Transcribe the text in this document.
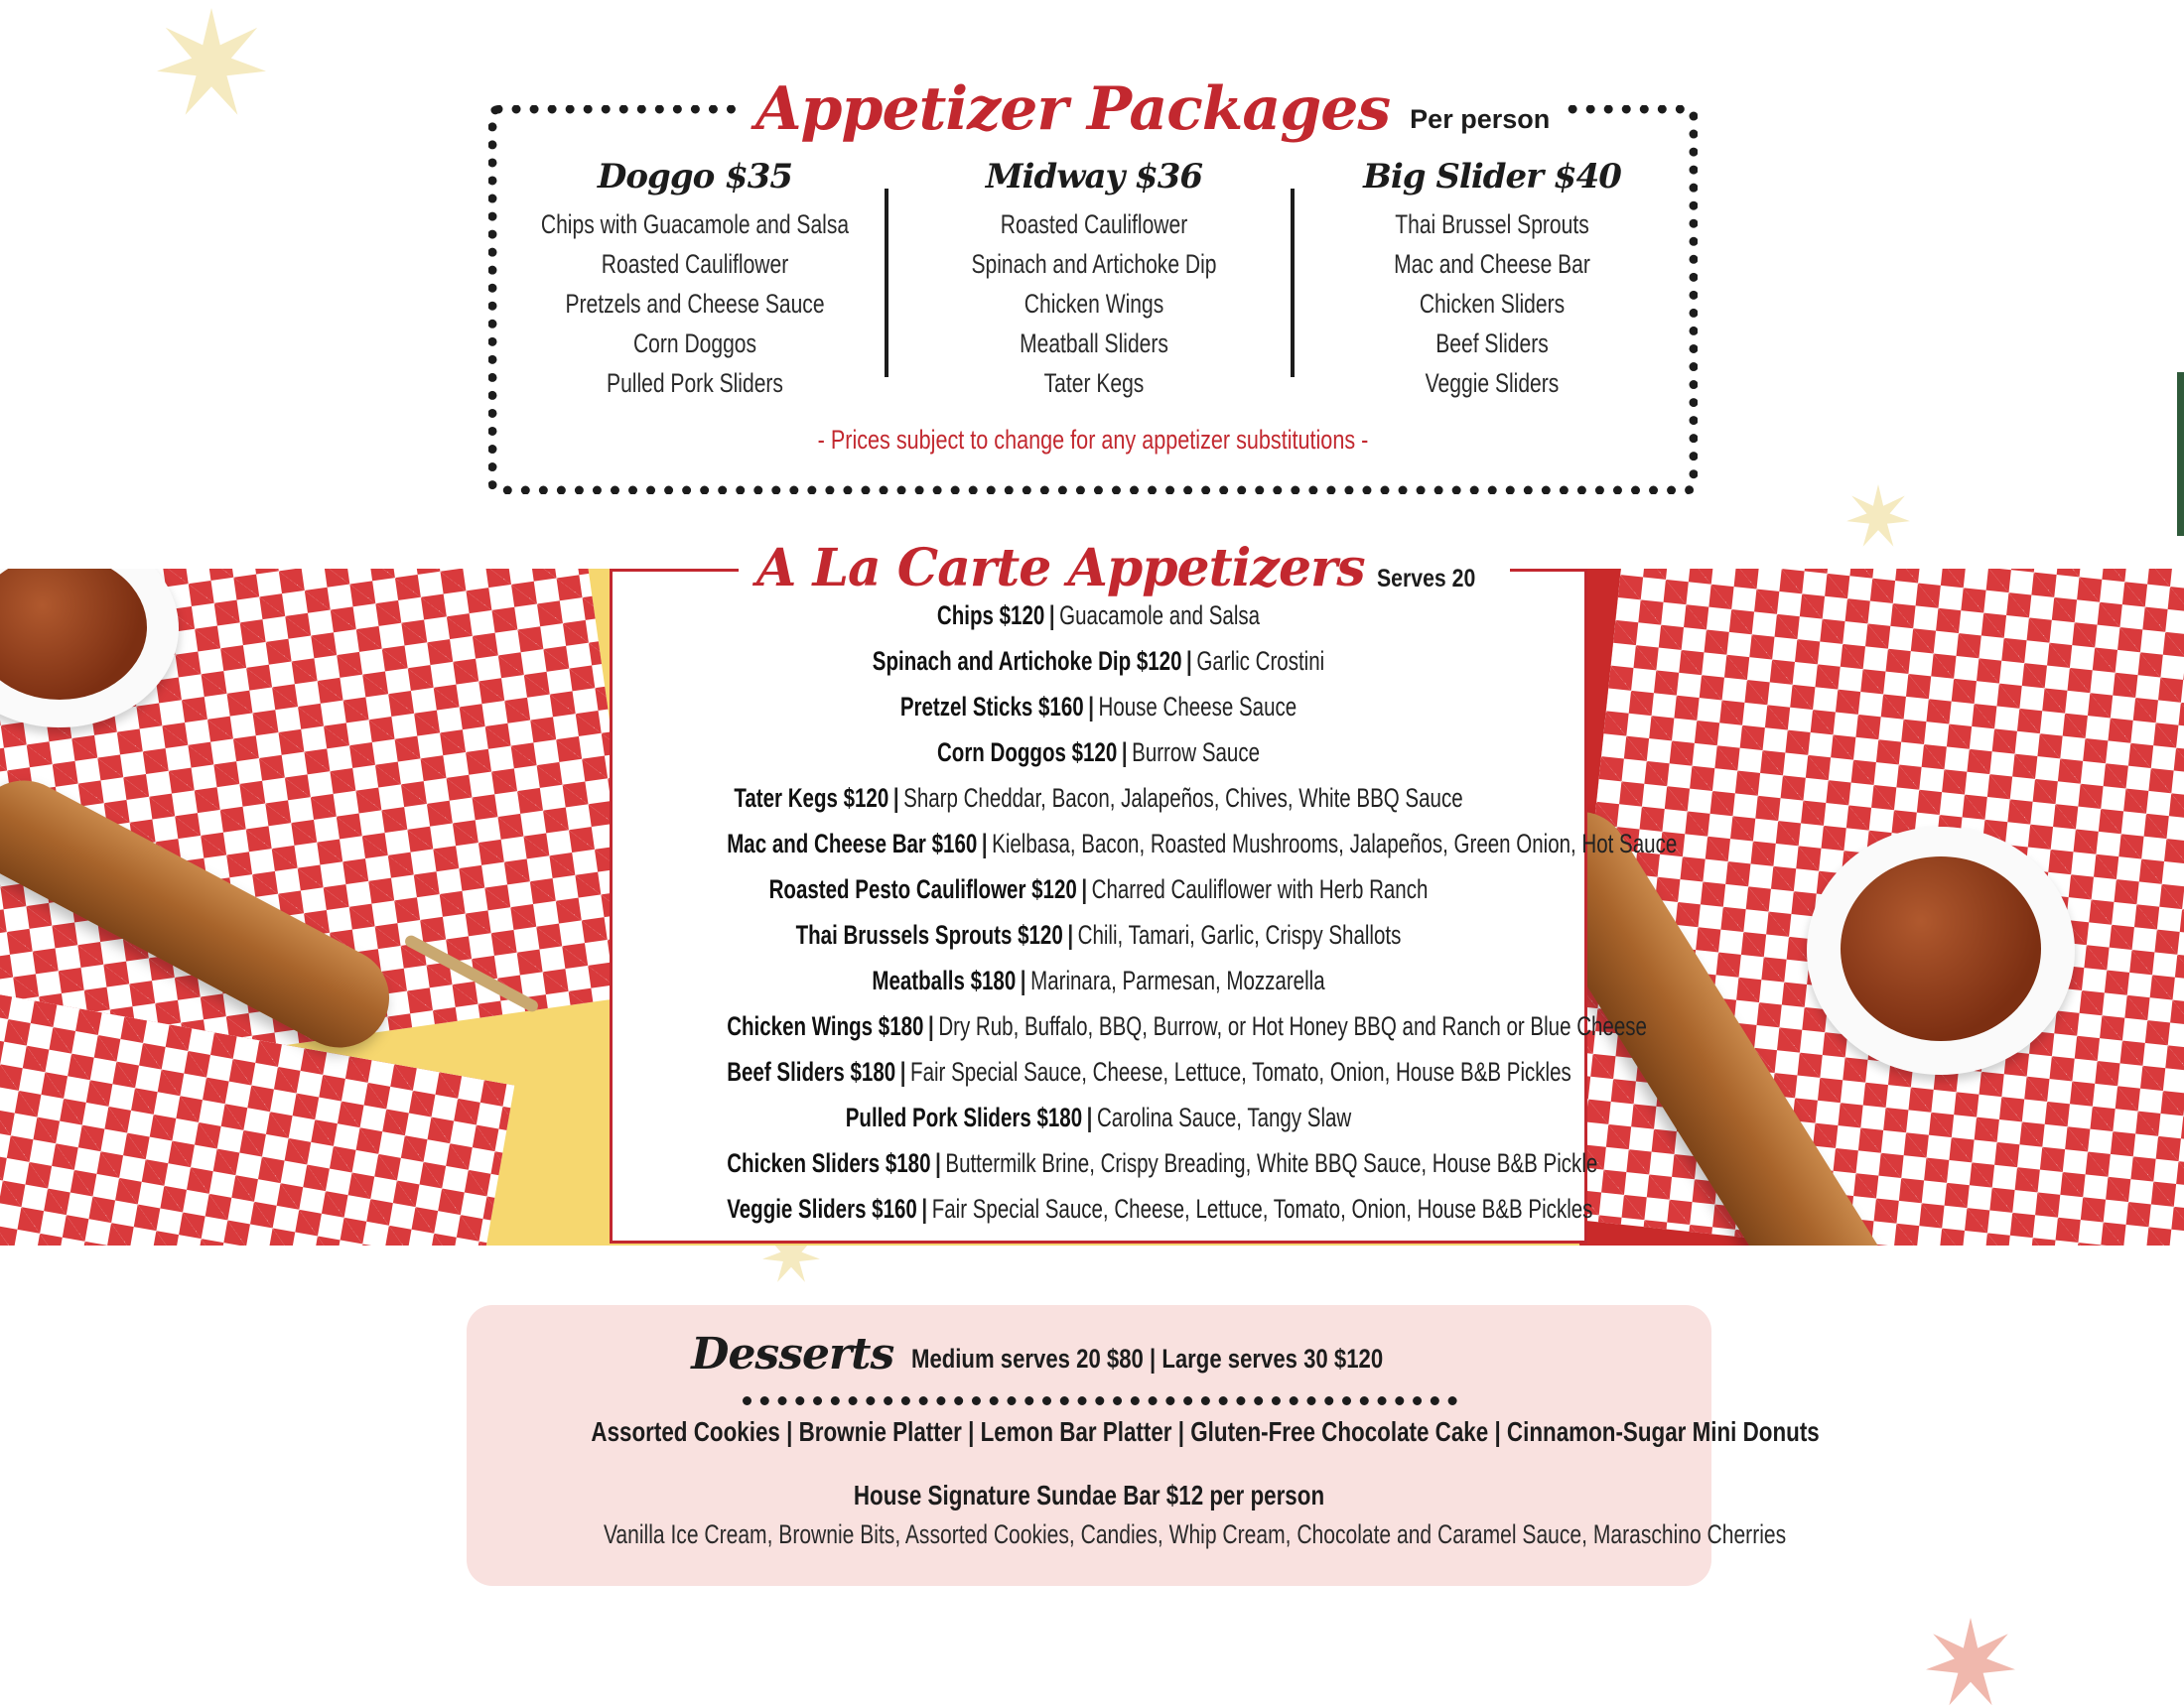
Appetizer Packages Per person
Doggo $35
Chips with Guacamole and Salsa
Roasted Cauliflower
Pretzels and Cheese Sauce
Corn Doggos
Pulled Pork Sliders
Midway $36
Roasted Cauliflower
Spinach and Artichoke Dip
Chicken Wings
Meatball Sliders
Tater Kegs
Big Slider $40
Thai Brussel Sprouts
Mac and Cheese Bar
Chicken Sliders
Beef Sliders
Veggie Sliders
- Prices subject to change for any appetizer substitutions -
A La Carte Appetizers Serves 20
Chips $120 | Guacamole and Salsa
Spinach and Artichoke Dip $120 | Garlic Crostini
Pretzel Sticks $160 | House Cheese Sauce
Corn Doggos $120 | Burrow Sauce
Tater Kegs $120 | Sharp Cheddar, Bacon, Jalapeños, Chives, White BBQ Sauce
Mac and Cheese Bar $160 | Kielbasa, Bacon, Roasted Mushrooms, Jalapeños, Green Onion, Hot Sauce
Roasted Pesto Cauliflower $120 | Charred Cauliflower with Herb Ranch
Thai Brussels Sprouts $120 | Chili, Tamari, Garlic, Crispy Shallots
Meatballs $180 | Marinara, Parmesan, Mozzarella
Chicken Wings $180 | Dry Rub, Buffalo, BBQ, Burrow, or Hot Honey BBQ and Ranch or Blue Cheese
Beef Sliders $180 | Fair Special Sauce, Cheese, Lettuce, Tomato, Onion, House B&B Pickles
Pulled Pork Sliders $180 | Carolina Sauce, Tangy Slaw
Chicken Sliders $180 | Buttermilk Brine, Crispy Breading, White BBQ Sauce, House B&B Pickle
Veggie Sliders $160 | Fair Special Sauce, Cheese, Lettuce, Tomato, Onion, House B&B Pickles
Desserts Medium serves 20 $80 | Large serves 30 $120
Assorted Cookies | Brownie Platter | Lemon Bar Platter | Gluten-Free Chocolate Cake | Cinnamon-Sugar Mini Donuts
House Signature Sundae Bar $12 per person
Vanilla Ice Cream, Brownie Bits, Assorted Cookies, Candies, Whip Cream, Chocolate and Caramel Sauce, Maraschino Cherries
